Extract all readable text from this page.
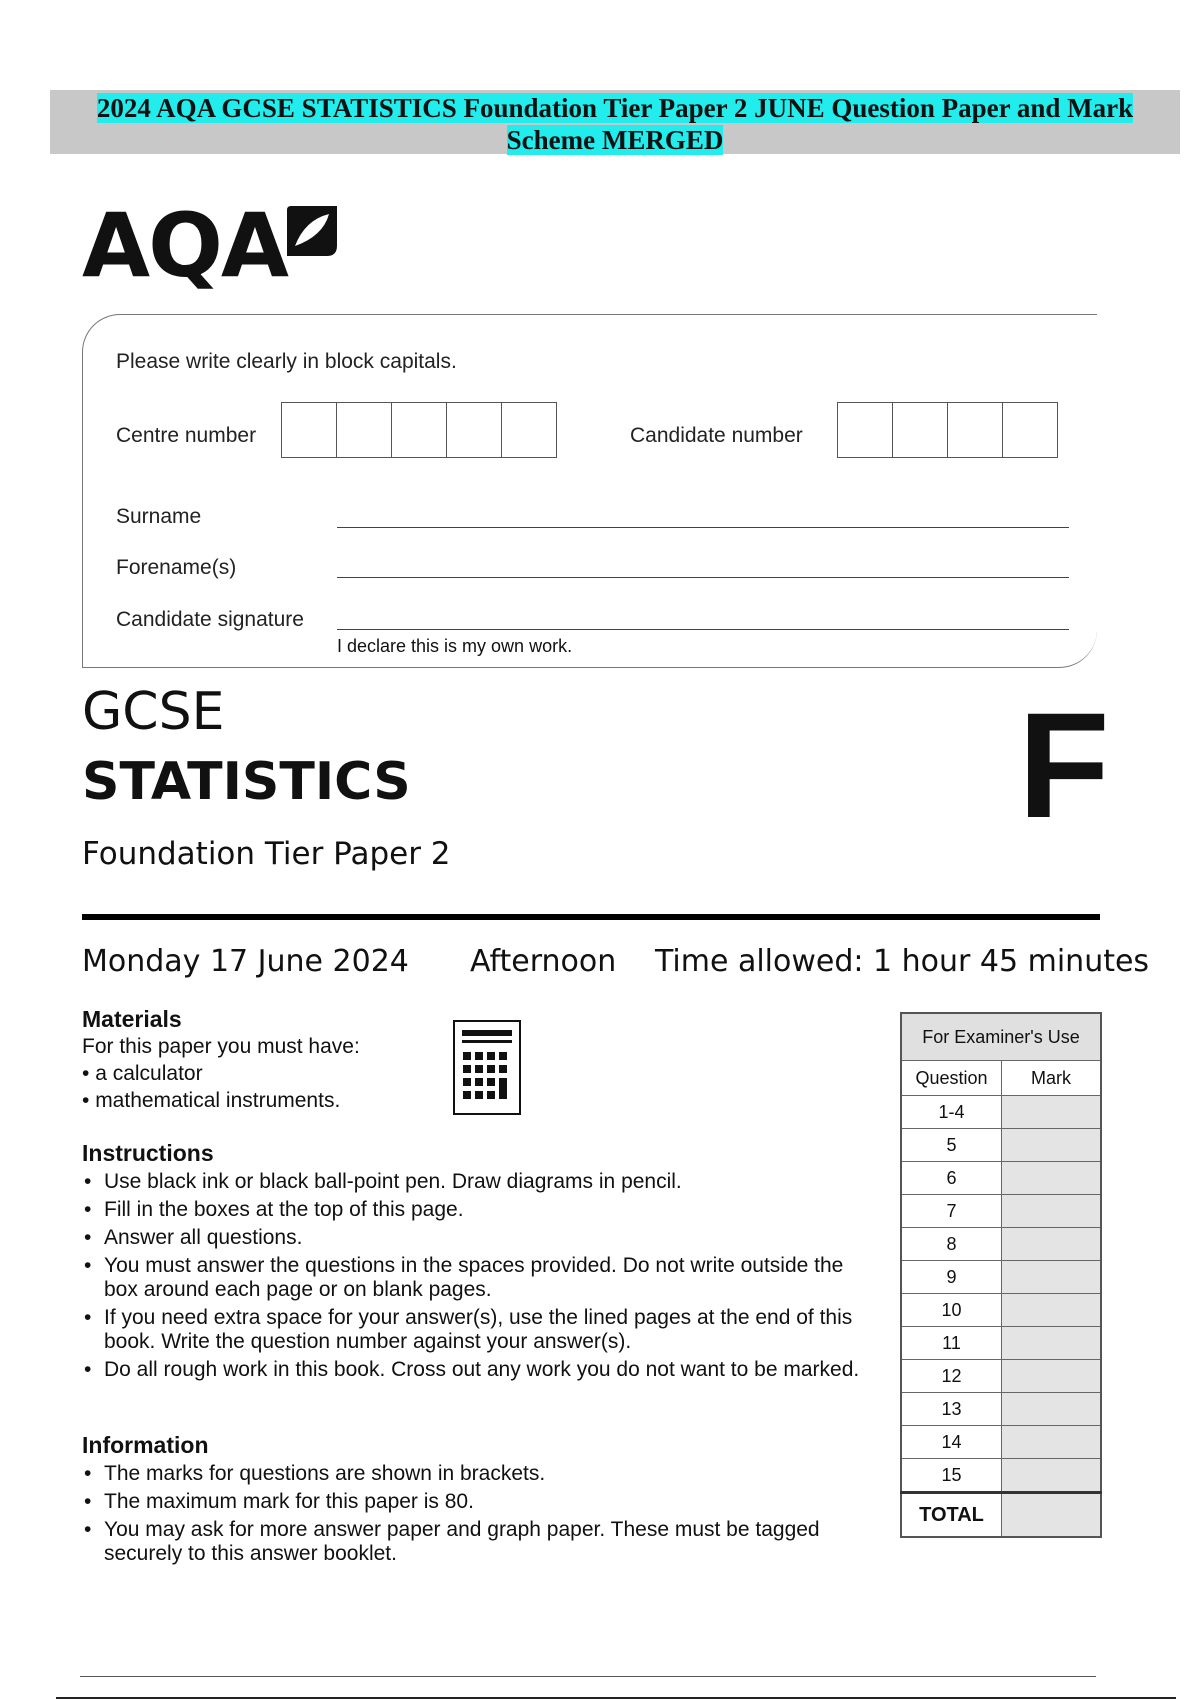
2024 AQA GCSE STATISTICS Foundation Tier Paper 2 JUNE Question Paper and Mark
Scheme MERGED
AQA
Please write clearly in block capitals.
Centre number	Candidate number
Surname
Forename(s)
Candidate signature
I declare this is my own work.
GCSE
STATISTICS
Foundation Tier Paper 2
F
Monday 17 June 2024 Afternoon Time allowed: 1 hour 45 minutes
Materials
For this paper you must have:
• a calculator
• mathematical instruments.
Instructions
• Use black ink or black ball-point pen. Draw diagrams in pencil.
• Fill in the boxes at the top of this page.
• Answer all questions.
• You must answer the questions in the spaces provided. Do not write outside the box around each page or on blank pages.
• If you need extra space for your answer(s), use the lined pages at the end of this book. Write the question number against your answer(s).
• Do all rough work in this book. Cross out any work you do not want to be marked.
Information
• The marks for questions are shown in brackets.
• The maximum mark for this paper is 80.
• You may ask for more answer paper and graph paper. These must be tagged securely to this answer booklet.
For Examiner's Use	
Question	Mark
1-4	
5	
6	
7	
8	
9	
10	
11	
12	
13	
14	
15	
TOTAL	
